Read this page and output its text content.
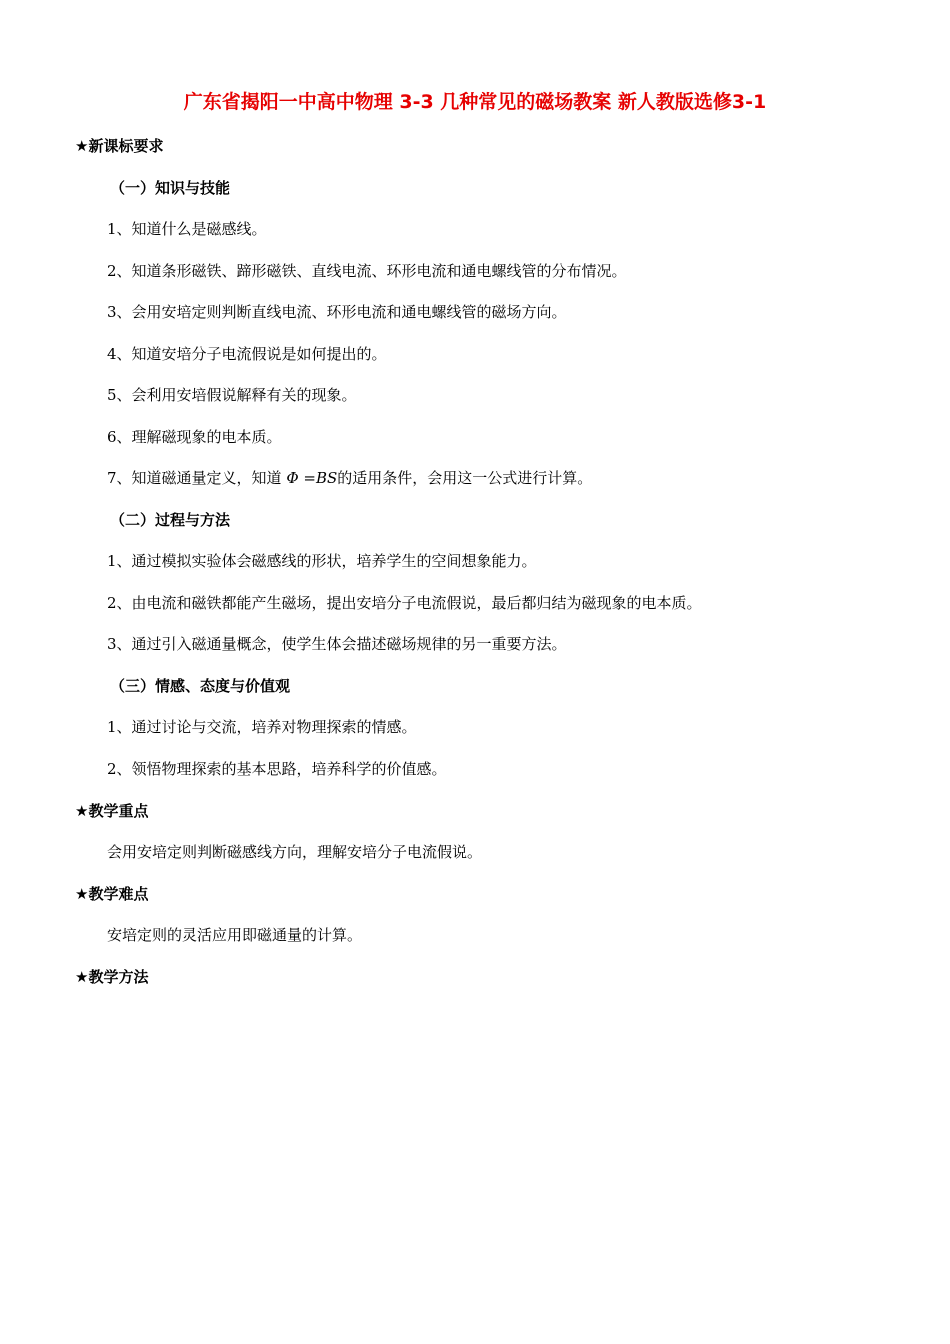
广东省揭阳一中高中物理 3-3 几种常见的磁场教案 新人教版选修3-1
★新课标要求
（一）知识与技能
1、知道什么是磁感线。
2、知道条形磁铁、蹄形磁铁、直线电流、环形电流和通电螺线管的分布情况。
3、会用安培定则判断直线电流、环形电流和通电螺线管的磁场方向。
4、知道安培分子电流假说是如何提出的。
5、会利用安培假说解释有关的现象。
6、理解磁现象的电本质。
7、知道磁通量定义，知道 Φ =BS的适用条件，会用这一公式进行计算。
（二）过程与方法
1、通过模拟实验体会磁感线的形状，培养学生的空间想象能力。
2、由电流和磁铁都能产生磁场，提出安培分子电流假说，最后都归结为磁现象的电本质。
3、通过引入磁通量概念，使学生体会描述磁场规律的另一重要方法。
（三）情感、态度与价值观
1、通过讨论与交流，培养对物理探索的情感。
2、领悟物理探索的基本思路，培养科学的价值感。
★教学重点
会用安培定则判断磁感线方向，理解安培分子电流假说。
★教学难点
安培定则的灵活应用即磁通量的计算。
★教学方法
